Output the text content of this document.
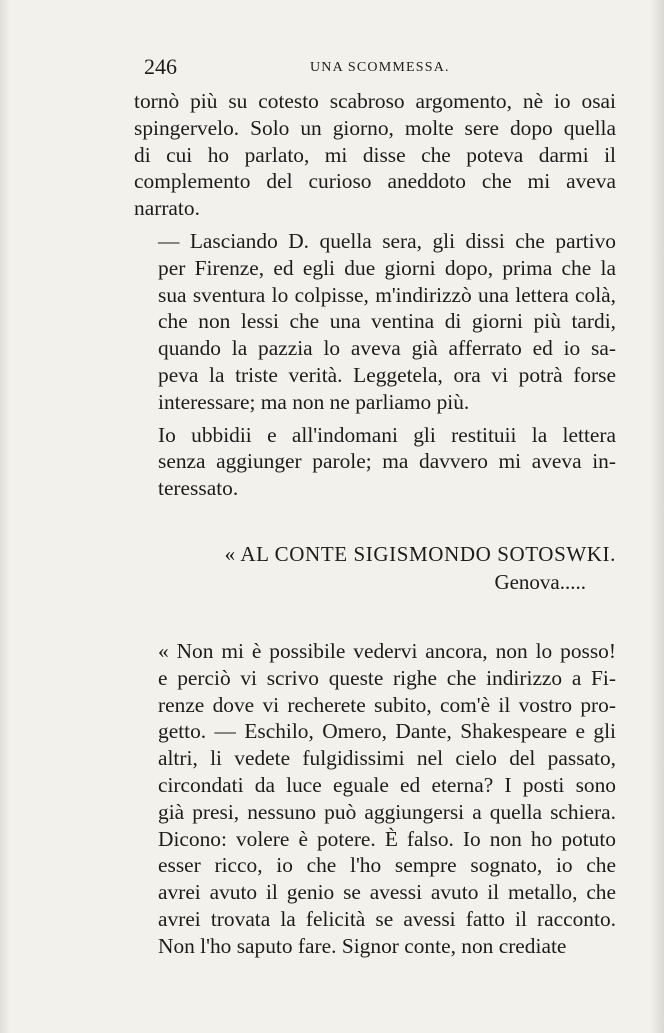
246	UNA SCOMMESSA.

tornò più su cotesto scabroso argomento, nè io osai
spingervelo. Solo un giorno, molte sere dopo quella
di cui ho parlato, mi disse che poteva darmi il
complemento del curioso aneddoto che mi aveva
narrato.

— Lasciando D. quella sera, gli dissi che partivo
per Firenze, ed egli due giorni dopo, prima che la
sua sventura lo colpisse, m'indirizzò una lettera colà,
che non lessi che una ventina di giorni più tardi,
quando la pazzia lo aveva già afferrato ed io sa-
peva la triste verità. Leggetela, ora vi potrà forse
interessare; ma non ne parliamo più.

Io ubbidii e all'indomani gli restituii la lettera
senza aggiunger parole; ma davvero mi aveva in-
teressato.

« AL CONTE SIGISMONDO SOTOSWKI.
Genova.....

« Non mi è possibile vedervi ancora, non lo posso!
e perciò vi scrivo queste righe che indirizzo a Fi-
renze dove vi recherete subito, com'è il vostro pro-
getto. — Eschilo, Omero, Dante, Shakespeare e gli
altri, li vedete fulgidissimi nel cielo del passato,
circondati da luce eguale ed eterna? I posti sono
già presi, nessuno può aggiungersi a quella schiera.
Dicono: volere è potere. È falso. Io non ho potuto
esser ricco, io che l'ho sempre sognato, io che
avrei avuto il genio se avessi avuto il metallo, che
avrei trovata la felicità se avessi fatto il racconto.
Non l'ho saputo fare. Signor conte, non crediate
